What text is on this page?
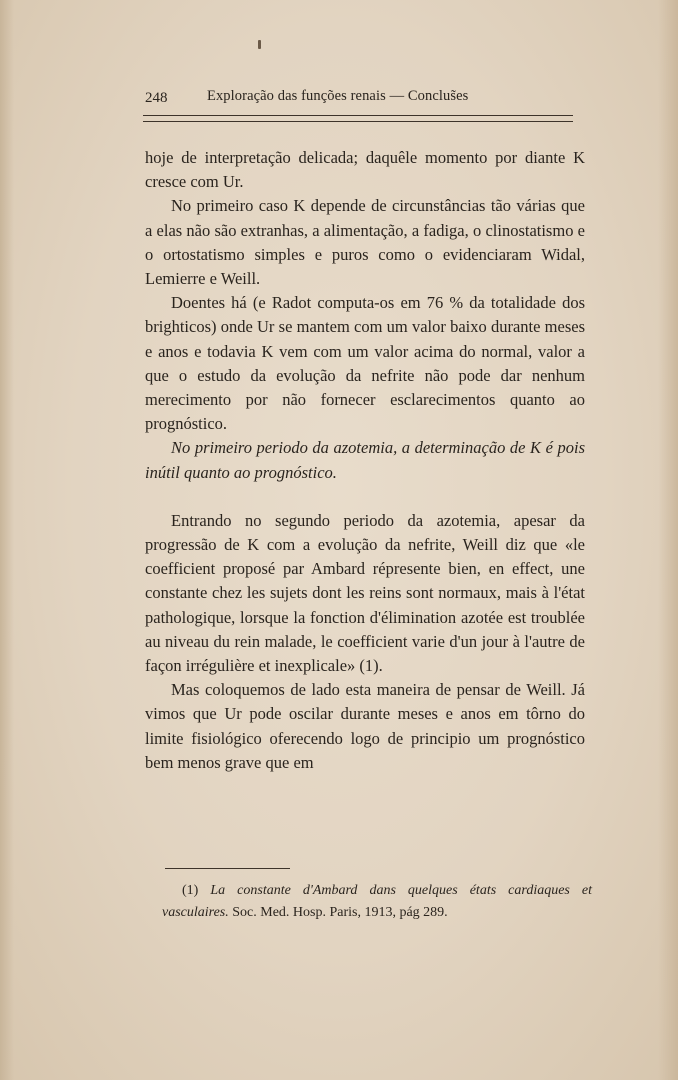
248	Exploração das funções renais — Conclus̃es

hoje de interpretação delicada; daquêle momento por diante K cresce com Ur.

No primeiro caso K depende de circunstâncias tão várias que a elas não são extranhas, a alimentação, a fadiga, o clinostatismo e o ortostatismo simples e puros como o evidenciaram Widal, Lemierre e Weill.

Doentes há (e Radot computa-os em 76 % da totalidade dos brighticos) onde Ur se mantem com um valor baixo durante meses e anos e todavia K vem com um valor acima do normal, valor a que o estudo da evolução da nefrite não pode dar nenhum merecimento por não fornecer esclarecimentos quanto ao prognóstico.

No primeiro periodo da azotemia, a determinação de K é pois inútil quanto ao prognóstico.

Entrando no segundo periodo da azotemia, apesar da progressão de K com a evolução da nefrite, Weill diz que «le coefficient proposé par Ambard répresente bien, en effect, une constante chez les sujets dont les reins sont normaux, mais à l'état pathologique, lorsque la fonction d'élimination azotée est troublée au niveau du rein malade, le coefficient varie d'un jour à l'autre de façon irrégulière et inexplicale» (1).

Mas coloquemos de lado esta maneira de pensar de Weill. Já vimos que Ur pode oscilar durante meses e anos em tôrno do limite fisiológico oferecendo logo de principio um prognóstico bem menos grave que em

(1) La constante d'Ambard dans quelques états cardiaques et vasculaires. Soc. Med. Hosp. Paris, 1913, pág 289.
